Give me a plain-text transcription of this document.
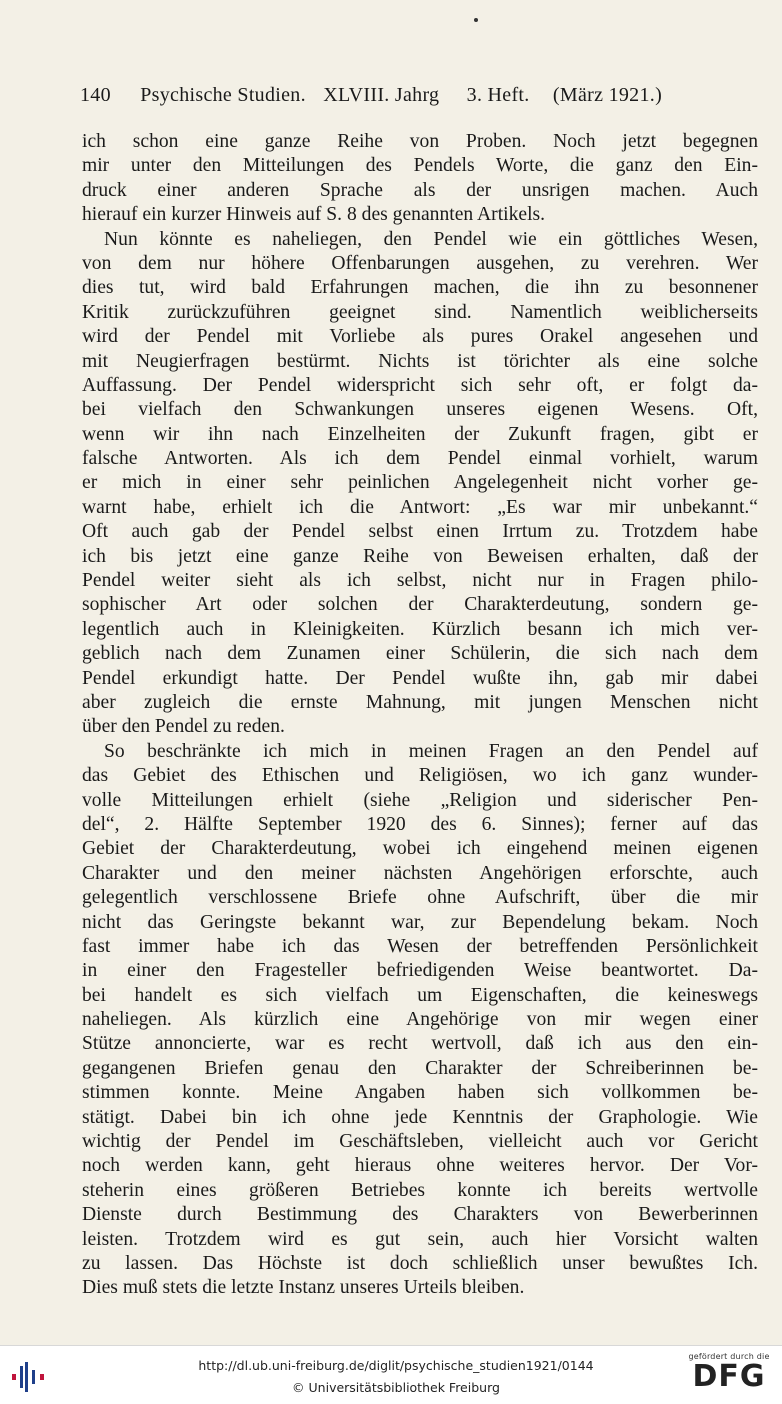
140 Psychische Studien. XLVIII. Jahrg 3. Heft. (März 1921.)
ich schon eine ganze Reihe von Proben. Noch jetzt begegnen
mir unter den Mitteilungen des Pendels Worte, die ganz den Ein-
druck einer anderen Sprache als der unsrigen machen. Auch
hierauf ein kurzer Hinweis auf S. 8 des genannten Artikels.
Nun könnte es naheliegen, den Pendel wie ein göttliches Wesen,
von dem nur höhere Offenbarungen ausgehen, zu verehren. Wer
dies tut, wird bald Erfahrungen machen, die ihn zu besonnener
Kritik zurückzuführen geeignet sind. Namentlich weiblicherseits
wird der Pendel mit Vorliebe als pures Orakel angesehen und
mit Neugierfragen bestürmt. Nichts ist törichter als eine solche
Auffassung. Der Pendel widerspricht sich sehr oft, er folgt da-
bei vielfach den Schwankungen unseres eigenen Wesens. Oft,
wenn wir ihn nach Einzelheiten der Zukunft fragen, gibt er
falsche Antworten. Als ich dem Pendel einmal vorhielt, warum
er mich in einer sehr peinlichen Angelegenheit nicht vorher ge-
warnt habe, erhielt ich die Antwort: „Es war mir unbekannt.“
Oft auch gab der Pendel selbst einen Irrtum zu. Trotzdem habe
ich bis jetzt eine ganze Reihe von Beweisen erhalten, daß der
Pendel weiter sieht als ich selbst, nicht nur in Fragen philo-
sophischer Art oder solchen der Charakterdeutung, sondern ge-
legentlich auch in Kleinigkeiten. Kürzlich besann ich mich ver-
geblich nach dem Zunamen einer Schülerin, die sich nach dem
Pendel erkundigt hatte. Der Pendel wußte ihn, gab mir dabei
aber zugleich die ernste Mahnung, mit jungen Menschen nicht
über den Pendel zu reden.
So beschränkte ich mich in meinen Fragen an den Pendel auf
das Gebiet des Ethischen und Religiösen, wo ich ganz wunder-
volle Mitteilungen erhielt (siehe „Religion und siderischer Pen-
del“, 2. Hälfte September 1920 des 6. Sinnes); ferner auf das
Gebiet der Charakterdeutung, wobei ich eingehend meinen eigenen
Charakter und den meiner nächsten Angehörigen erforschte, auch
gelegentlich verschlossene Briefe ohne Aufschrift, über die mir
nicht das Geringste bekannt war, zur Bependelung bekam. Noch
fast immer habe ich das Wesen der betreffenden Persönlichkeit
in einer den Fragesteller befriedigenden Weise beantwortet. Da-
bei handelt es sich vielfach um Eigenschaften, die keineswegs
naheliegen. Als kürzlich eine Angehörige von mir wegen einer
Stütze annoncierte, war es recht wertvoll, daß ich aus den ein-
gegangenen Briefen genau den Charakter der Schreiberinnen be-
stimmen konnte. Meine Angaben haben sich vollkommen be-
stätigt. Dabei bin ich ohne jede Kenntnis der Graphologie. Wie
wichtig der Pendel im Geschäftsleben, vielleicht auch vor Gericht
noch werden kann, geht hieraus ohne weiteres hervor. Der Vor-
steherin eines größeren Betriebes konnte ich bereits wertvolle
Dienste durch Bestimmung des Charakters von Bewerberinnen
leisten. Trotzdem wird es gut sein, auch hier Vorsicht walten
zu lassen. Das Höchste ist doch schließlich unser bewußtes Ich.
Dies muß stets die letzte Instanz unseres Urteils bleiben.
http://dl.ub.uni-freiburg.de/diglit/psychische_studien1921/0144
© Universitätsbibliothek Freiburg
gefördert durch die
DFG
